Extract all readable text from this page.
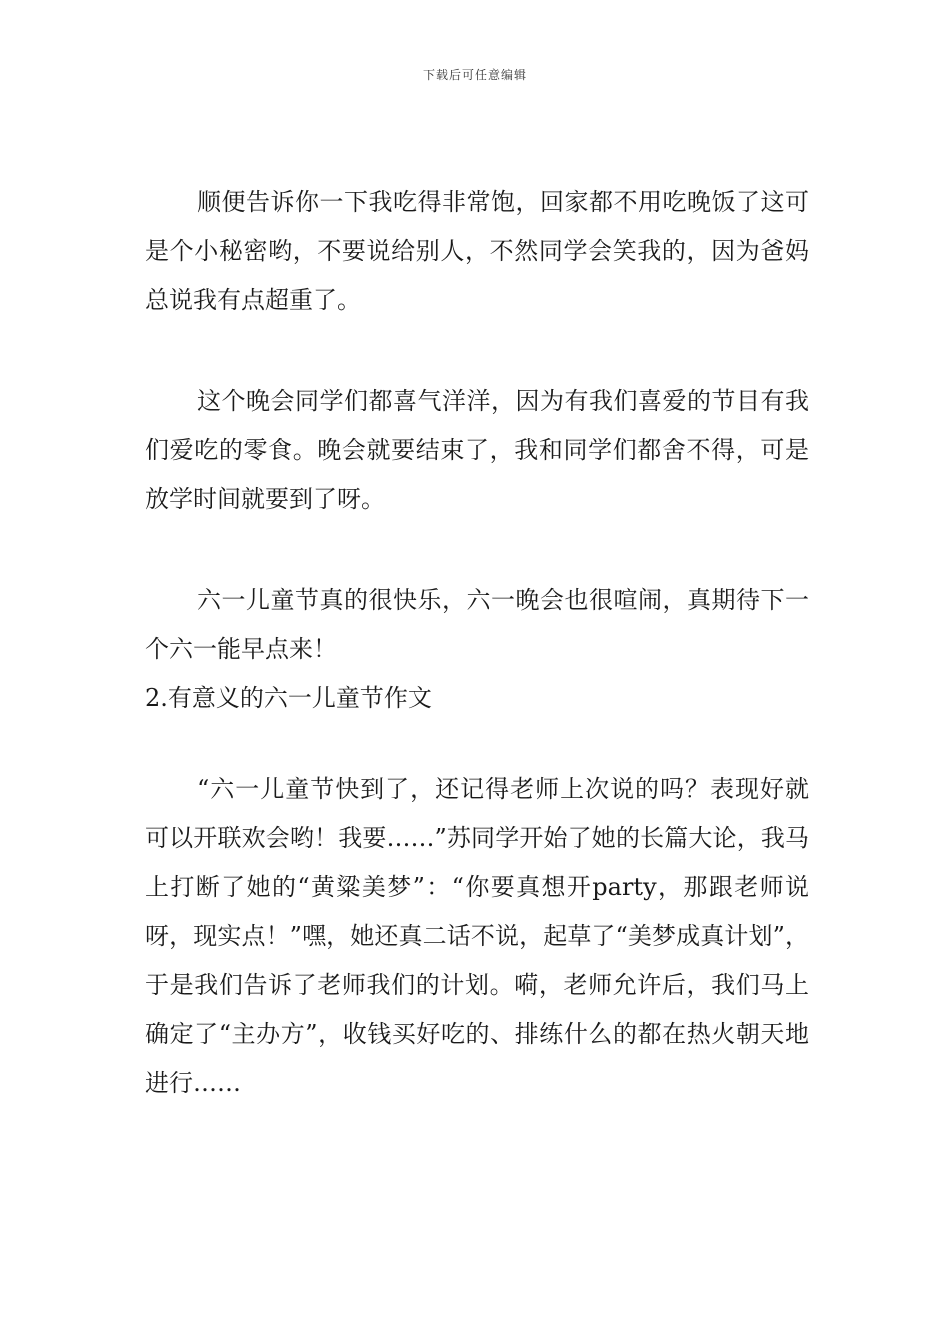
下载后可任意编辑

顺便告诉你一下我吃得非常饱，回家都不用吃晚饭了这可是个小秘密哟，不要说给别人，不然同学会笑我的，因为爸妈总说我有点超重了。

这个晚会同学们都喜气洋洋，因为有我们喜爱的节目有我们爱吃的零食。晚会就要结束了，我和同学们都舍不得，可是放学时间就要到了呀。

六一儿童节真的很快乐，六一晚会也很喧闹，真期待下一个六一能早点来！

2.有意义的六一儿童节作文

“六一儿童节快到了，还记得老师上次说的吗？表现好就可以开联欢会哟！我要……”苏同学开始了她的长篇大论，我马上打断了她的“黄粱美梦”：“你要真想开party，那跟老师说呀，现实点！”嘿，她还真二话不说，起草了“美梦成真计划”，于是我们告诉了老师我们的计划。嗬，老师允许后，我们马上确定了“主办方”，收钱买好吃的、排练什么的都在热火朝天地进行……
